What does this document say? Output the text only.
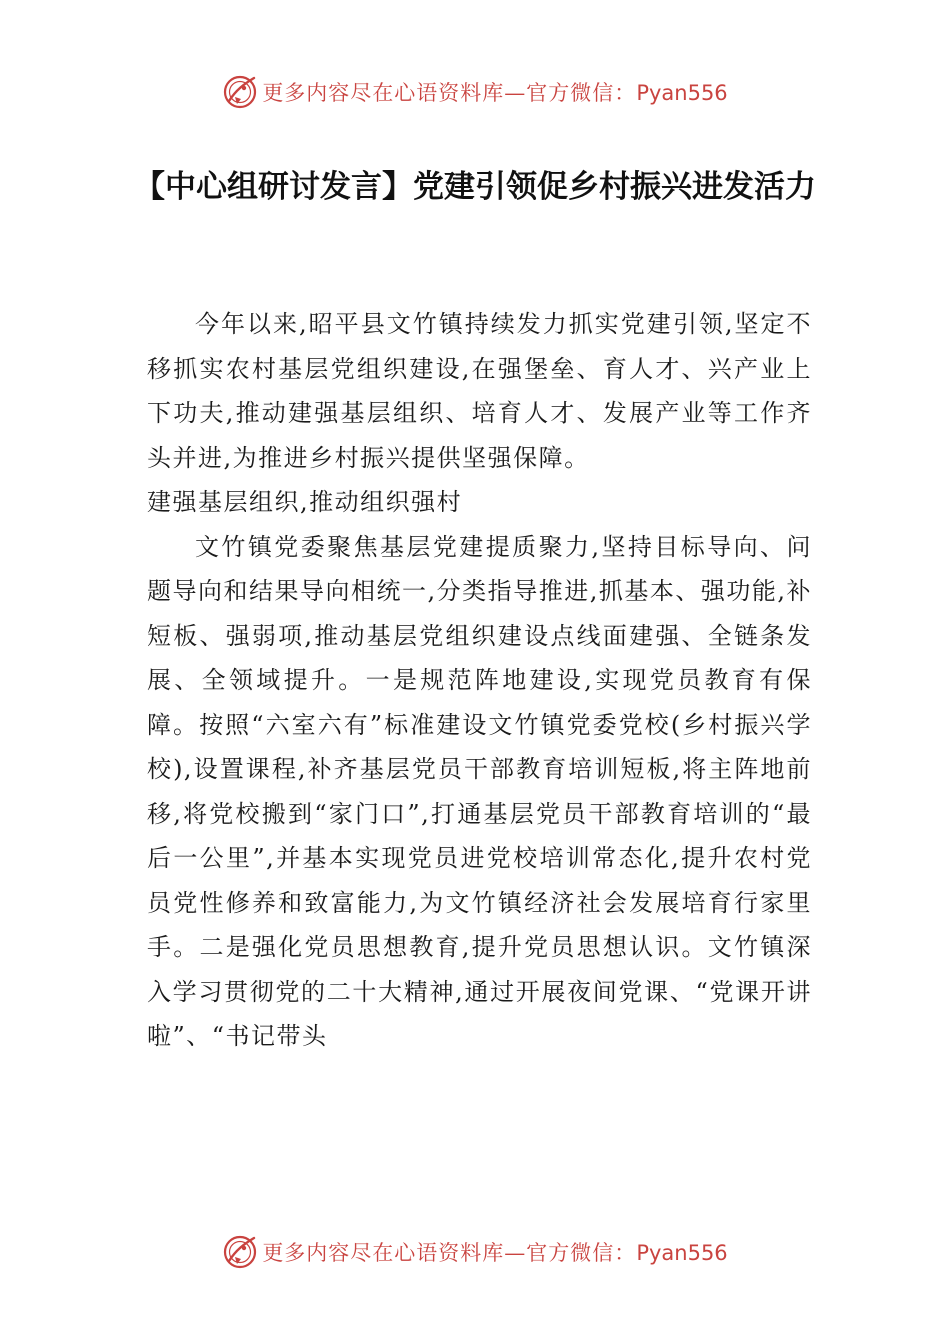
更多内容尽在心语资料库—官方微信：Pyan556
【中心组研讨发言】党建引领促乡村振兴进发活力

今年以来,昭平县文竹镇持续发力抓实党建引领,坚定不移抓实农村基层党组织建设,在强堡垒、育人才、兴产业上下功夫,推动建强基层组织、培育人才、发展产业等工作齐头并进,为推进乡村振兴提供坚强保障。

建强基层组织,推动组织强村

文竹镇党委聚焦基层党建提质聚力,坚持目标导向、问题导向和结果导向相统一,分类指导推进,抓基本、强功能,补短板、强弱项,推动基层党组织建设点线面建强、全链条发展、全领域提升。一是规范阵地建设,实现党员教育有保障。按照“六室六有”标准建设文竹镇党委党校(乡村振兴学校),设置课程,补齐基层党员干部教育培训短板,将主阵地前移,将党校搬到“家门口”,打通基层党员干部教育培训的“最后一公里”,并基本实现党员进党校培训常态化,提升农村党员党性修养和致富能力,为文竹镇经济社会发展培育行家里手。二是强化党员思想教育,提升党员思想认识。文竹镇深入学习贯彻党的二十大精神,通过开展夜间党课、“党课开讲啦”、“书记带头

更多内容尽在心语资料库—官方微信：Pyan556
